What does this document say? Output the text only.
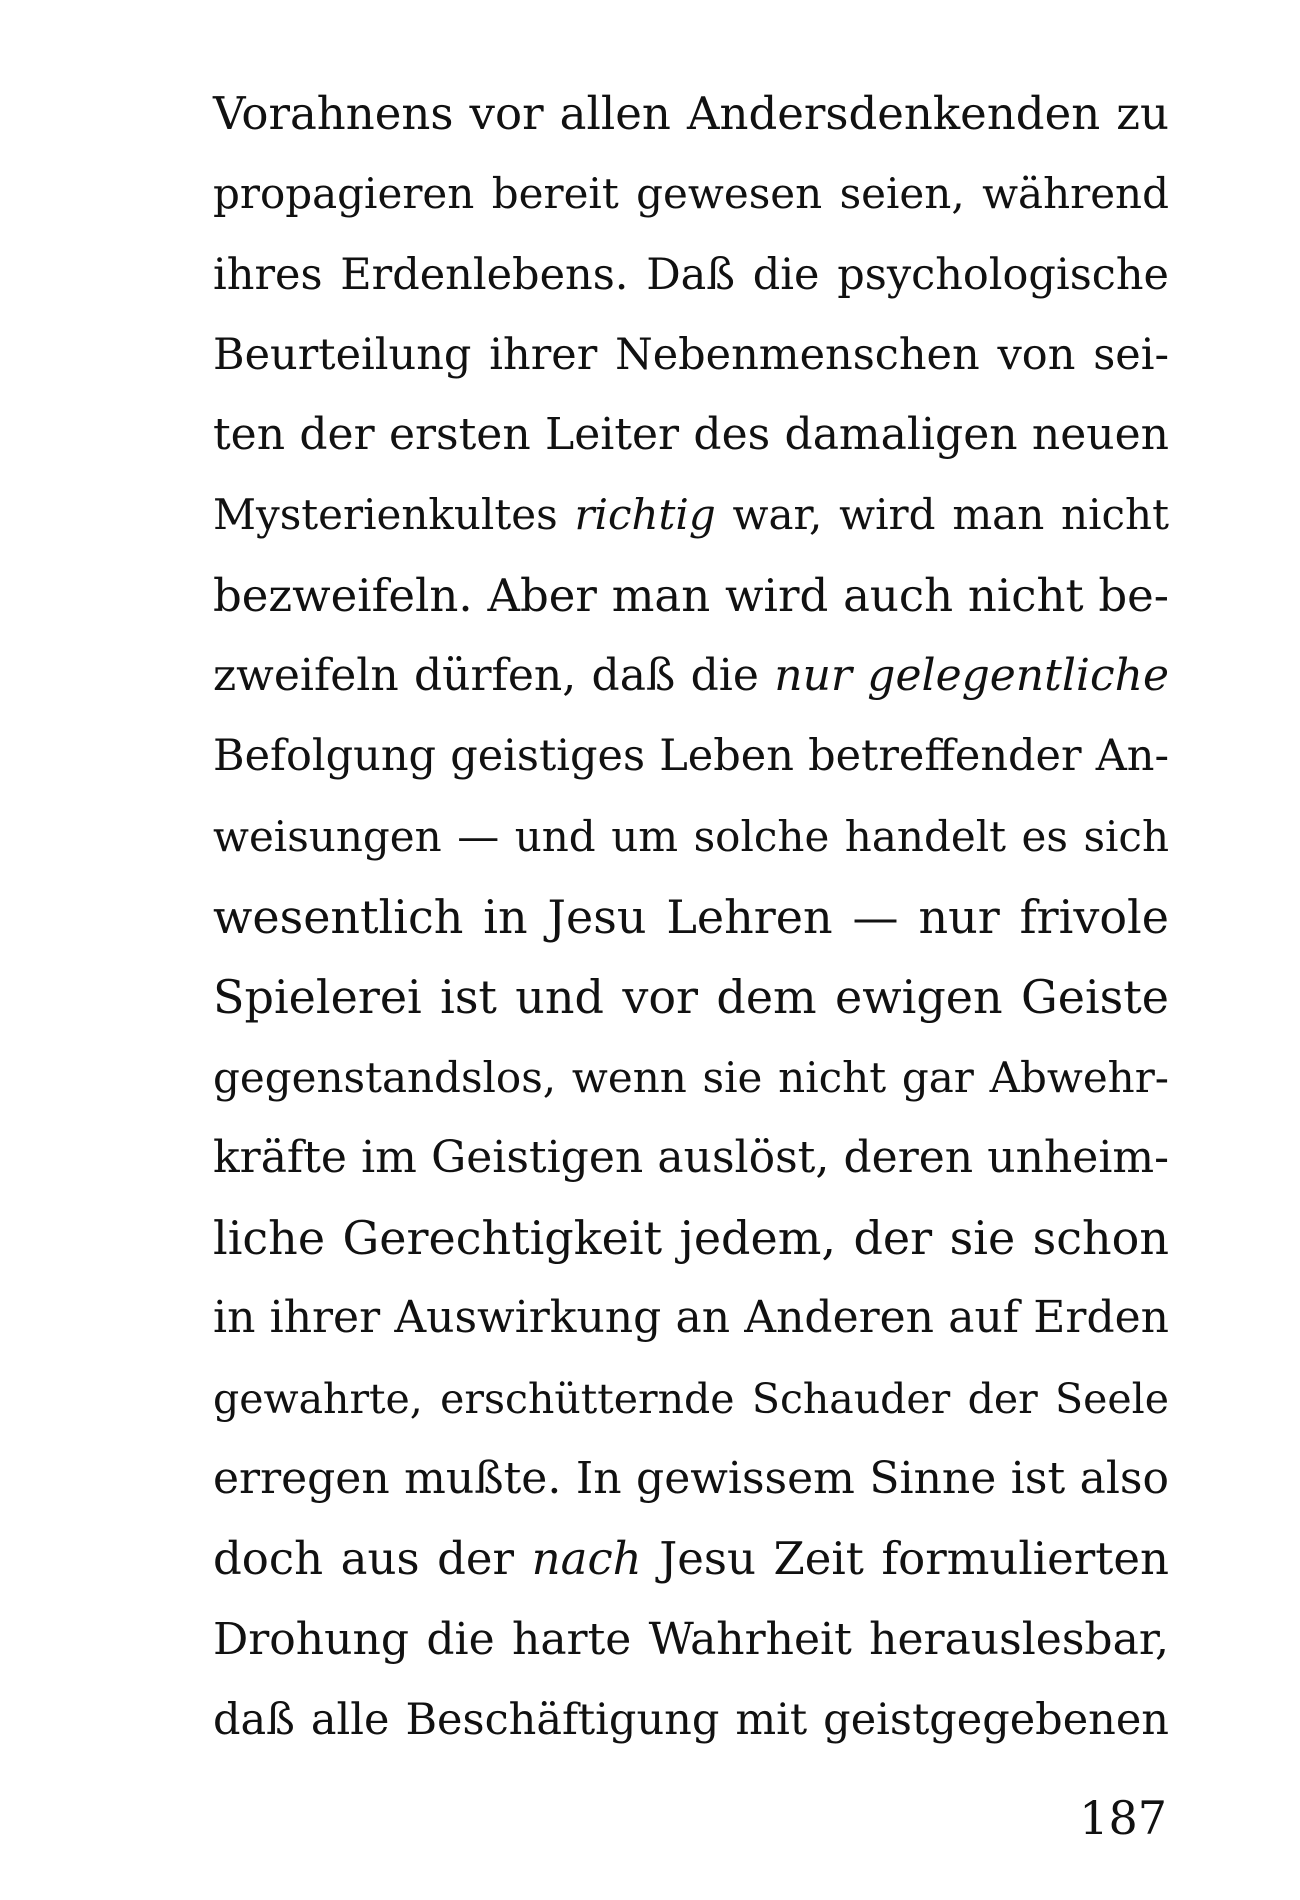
Vorahnens vor allen Andersdenkenden zu
propagieren bereit gewesen seien, während
ihres Erdenlebens. Daß die psychologische
Beurteilung ihrer Nebenmenschen von sei-
ten der ersten Leiter des damaligen neuen
Mysterienkultes richtig war, wird man nicht
bezweifeln. Aber man wird auch nicht be-
zweifeln dürfen, daß die nur gelegentliche
Befolgung geistiges Leben betreffender An-
weisungen — und um solche handelt es sich
wesentlich in Jesu Lehren — nur frivole
Spielerei ist und vor dem ewigen Geiste
gegenstandslos, wenn sie nicht gar Abwehr-
kräfte im Geistigen auslöst, deren unheim-
liche Gerechtigkeit jedem, der sie schon
in ihrer Auswirkung an Anderen auf Erden
gewahrte, erschütternde Schauder der Seele
erregen mußte. In gewissem Sinne ist also
doch aus der nach Jesu Zeit formulierten
Drohung die harte Wahrheit herauslesbar,
daß alle Beschäftigung mit geistgegebenen
187
